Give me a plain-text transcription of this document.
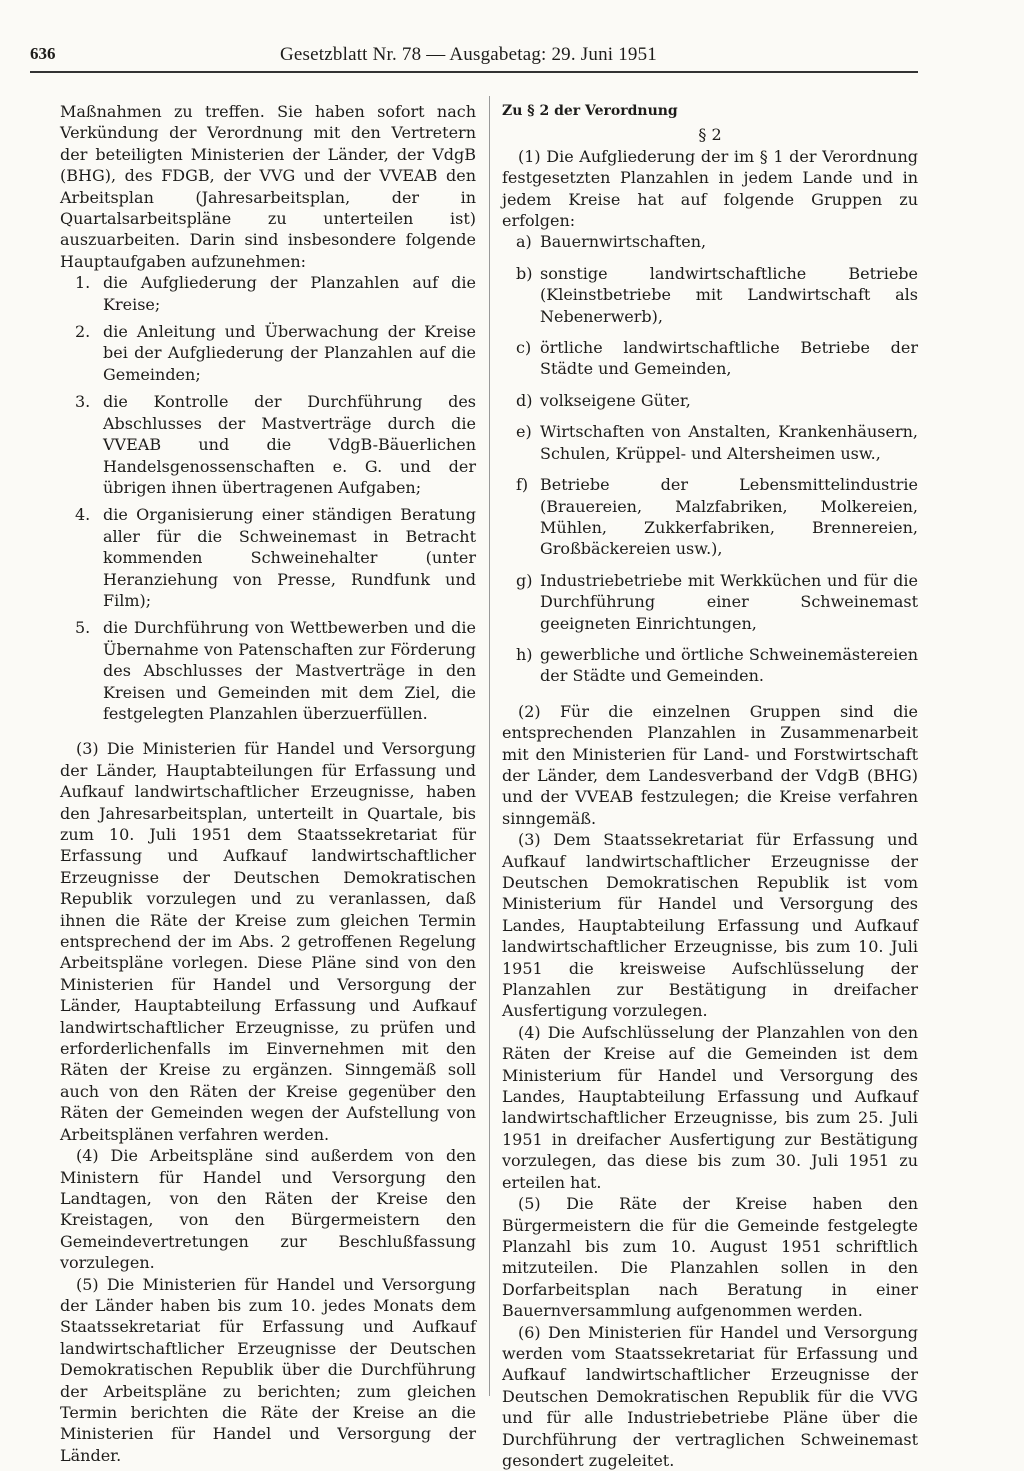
636	Gesetzblatt Nr. 78 — Ausgabetag: 29. Juni 1951

Maßnahmen zu treffen. Sie haben sofort nach Verkündung der Verordnung mit den Vertretern der beteiligten Ministerien der Länder, der VdgB (BHG), des FDGB, der VVG und der VVEAB den Arbeitsplan (Jahresarbeitsplan, der in Quartalsarbeitspläne zu unterteilen ist) auszuarbeiten. Darin sind insbesondere folgende Hauptaufgaben aufzunehmen:

1. die Aufgliederung der Planzahlen auf die Kreise;
2. die Anleitung und Überwachung der Kreise bei der Aufgliederung der Planzahlen auf die Gemeinden;
3. die Kontrolle der Durchführung des Abschlusses der Mastverträge durch die VVEAB und die VdgB-Bäuerlichen Handelsgenossenschaften e. G. und der übrigen ihnen übertragenen Aufgaben;
4. die Organisierung einer ständigen Beratung aller für die Schweinemast in Betracht kommenden Schweinehalter (unter Heranziehung von Presse, Rundfunk und Film);
5. die Durchführung von Wettbewerben und die Übernahme von Patenschaften zur Förderung des Abschlusses der Mastverträge in den Kreisen und Gemeinden mit dem Ziel, die festgelegten Planzahlen überzuerfüllen.

(3) Die Ministerien für Handel und Versorgung der Länder, Hauptabteilungen für Erfassung und Aufkauf landwirtschaftlicher Erzeugnisse, haben den Jahresarbeitsplan, unterteilt in Quartale, bis zum 10. Juli 1951 dem Staatssekretariat für Erfassung und Aufkauf landwirtschaftlicher Erzeugnisse der Deutschen Demokratischen Republik vorzulegen und zu veranlassen, daß ihnen die Räte der Kreise zum gleichen Termin entsprechend der im Abs. 2 getroffenen Regelung Arbeitspläne vorlegen. Diese Pläne sind von den Ministerien für Handel und Versorgung der Länder, Hauptabteilung Erfassung und Aufkauf landwirtschaftlicher Erzeugnisse, zu prüfen und erforderlichenfalls im Einvernehmen mit den Räten der Kreise zu ergänzen. Sinngemäß soll auch von den Räten der Kreise gegenüber den Räten der Gemeinden wegen der Aufstellung von Arbeitsplänen verfahren werden.

(4) Die Arbeitspläne sind außerdem von den Ministern für Handel und Versorgung den Landtagen, von den Räten der Kreise den Kreistagen, von den Bürgermeistern den Gemeindevertretungen zur Beschlußfassung vorzulegen.

(5) Die Ministerien für Handel und Versorgung der Länder haben bis zum 10. jedes Monats dem Staatssekretariat für Erfassung und Aufkauf landwirtschaftlicher Erzeugnisse der Deutschen Demokratischen Republik über die Durchführung der Arbeitspläne zu berichten; zum gleichen Termin berichten die Räte der Kreise an die Ministerien für Handel und Versorgung der Länder.

Zu § 2 der Verordnung
§ 2

(1) Die Aufgliederung der im § 1 der Verordnung festgesetzten Planzahlen in jedem Lande und in jedem Kreise hat auf folgende Gruppen zu erfolgen:

a) Bauernwirtschaften,
b) sonstige landwirtschaftliche Betriebe (Kleinstbetriebe mit Landwirtschaft als Nebenerwerb),
c) örtliche landwirtschaftliche Betriebe der Städte und Gemeinden,
d) volkseigene Güter,
e) Wirtschaften von Anstalten, Krankenhäusern, Schulen, Krüppel- und Altersheimen usw.,
f) Betriebe der Lebensmittelindustrie (Brauereien, Malzfabriken, Molkereien, Mühlen, Zukkerfabriken, Brennereien, Großbäckereien usw.),
g) Industriebetriebe mit Werkküchen und für die Durchführung einer Schweinemast geeigneten Einrichtungen,
h) gewerbliche und örtliche Schweinemästereien der Städte und Gemeinden.

(2) Für die einzelnen Gruppen sind die entsprechenden Planzahlen in Zusammenarbeit mit den Ministerien für Land- und Forstwirtschaft der Länder, dem Landesverband der VdgB (BHG) und der VVEAB festzulegen; die Kreise verfahren sinngemäß.

(3) Dem Staatssekretariat für Erfassung und Aufkauf landwirtschaftlicher Erzeugnisse der Deutschen Demokratischen Republik ist vom Ministerium für Handel und Versorgung des Landes, Hauptabteilung Erfassung und Aufkauf landwirtschaftlicher Erzeugnisse, bis zum 10. Juli 1951 die kreisweise Aufschlüsselung der Planzahlen zur Bestätigung in dreifacher Ausfertigung vorzulegen.

(4) Die Aufschlüsselung der Planzahlen von den Räten der Kreise auf die Gemeinden ist dem Ministerium für Handel und Versorgung des Landes, Hauptabteilung Erfassung und Aufkauf landwirtschaftlicher Erzeugnisse, bis zum 25. Juli 1951 in dreifacher Ausfertigung zur Bestätigung vorzulegen, das diese bis zum 30. Juli 1951 zu erteilen hat.

(5) Die Räte der Kreise haben den Bürgermeistern die für die Gemeinde festgelegte Planzahl bis zum 10. August 1951 schriftlich mitzuteilen. Die Planzahlen sollen in den Dorfarbeitsplan nach Beratung in einer Bauernversammlung aufgenommen werden.

(6) Den Ministerien für Handel und Versorgung werden vom Staatssekretariat für Erfassung und Aufkauf landwirtschaftlicher Erzeugnisse der Deutschen Demokratischen Republik für die VVG und für alle Industriebetriebe Pläne über die Durchführung der vertraglichen Schweinemast gesondert zugeleitet.
